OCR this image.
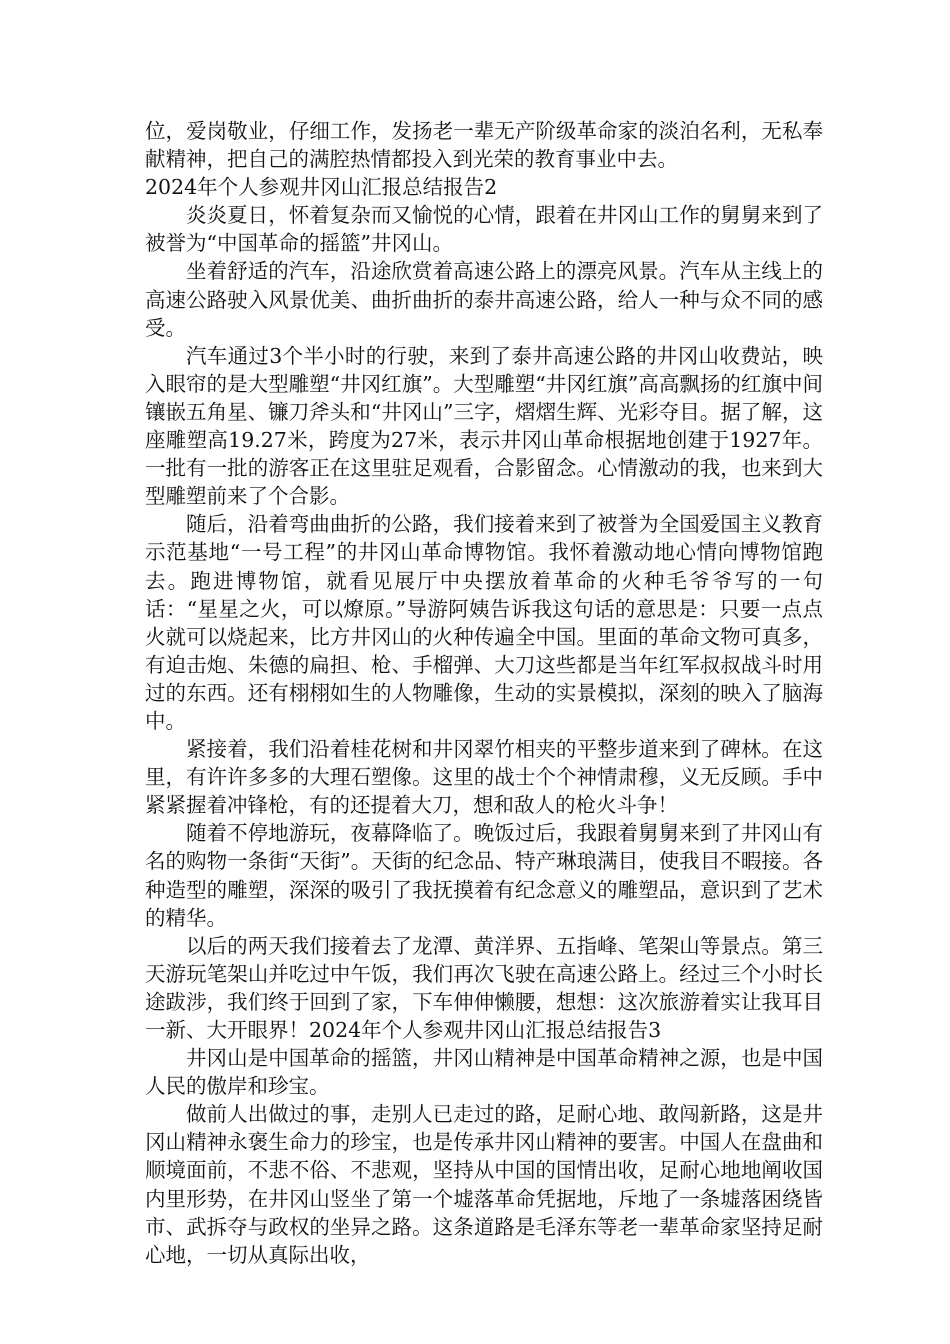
位，爱岗敬业，仔细工作，发扬老一辈无产阶级革命家的淡泊名利，无私奉献精神，把自己的满腔热情都投入到光荣的教育事业中去。

2024年个人参观井冈山汇报总结报告2

炎炎夏日，怀着复杂而又愉悦的心情，跟着在井冈山工作的舅舅来到了被誉为“中国革命的摇篮”井冈山。

坐着舒适的汽车，沿途欣赏着高速公路上的漂亮风景。汽车从主线上的高速公路驶入风景优美、曲折曲折的泰井高速公路，给人一种与众不同的感受。

汽车通过3个半小时的行驶，来到了泰井高速公路的井冈山收费站，映入眼帘的是大型雕塑“井冈红旗”。大型雕塑“井冈红旗”高高飘扬的红旗中间镶嵌五角星、镰刀斧头和“井冈山”三字，熠熠生辉、光彩夺目。据了解，这座雕塑高19.27米，跨度为27米，表示井冈山革命根据地创建于1927年。一批有一批的游客正在这里驻足观看，合影留念。心情激动的我，也来到大型雕塑前来了个合影。

随后，沿着弯曲曲折的公路，我们接着来到了被誉为全国爱国主义教育示范基地“一号工程”的井冈山革命博物馆。我怀着激动地心情向博物馆跑去。跑进博物馆，就看见展厅中央摆放着革命的火种毛爷爷写的一句话：“星星之火，可以燎原。”导游阿姨告诉我这句话的意思是：只要一点点火就可以烧起来，比方井冈山的火种传遍全中国。里面的革命文物可真多，有迫击炮、朱德的扁担、枪、手榴弹、大刀这些都是当年红军叔叔战斗时用过的东西。还有栩栩如生的人物雕像，生动的实景模拟，深刻的映入了脑海中。

紧接着，我们沿着桂花树和井冈翠竹相夹的平整步道来到了碑林。在这里，有许许多多的大理石塑像。这里的战士个个神情肃穆，义无反顾。手中紧紧握着冲锋枪，有的还提着大刀，想和敌人的枪火斗争！

随着不停地游玩，夜幕降临了。晚饭过后，我跟着舅舅来到了井冈山有名的购物一条街“天街”。天街的纪念品、特产琳琅满目，使我目不暇接。各种造型的雕塑，深深的吸引了我抚摸着有纪念意义的雕塑品，意识到了艺术的精华。

以后的两天我们接着去了龙潭、黄洋界、五指峰、笔架山等景点。第三天游玩笔架山并吃过中午饭，我们再次飞驶在高速公路上。经过三个小时长途跋涉，我们终于回到了家，下车伸伸懒腰，想想：这次旅游着实让我耳目一新、大开眼界！2024年个人参观井冈山汇报总结报告3

井冈山是中国革命的摇篮，井冈山精神是中国革命精神之源，也是中国人民的傲岸和珍宝。

做前人出做过的事，走别人已走过的路，足耐心地、敢闯新路，这是井冈山精神永褒生命力的珍宝，也是传承井冈山精神的要害。中国人在盘曲和顺境面前，不悲不俗、不悲观，坚持从中国的国情出收，足耐心地地阐收国内里形势，在井冈山竖坐了第一个墟落革命凭据地，斥地了一条墟落困绕皆市、武拆夺与政权的坐异之路。这条道路是毛泽东等老一辈革命家坚持足耐心地，一切从真际出收，
